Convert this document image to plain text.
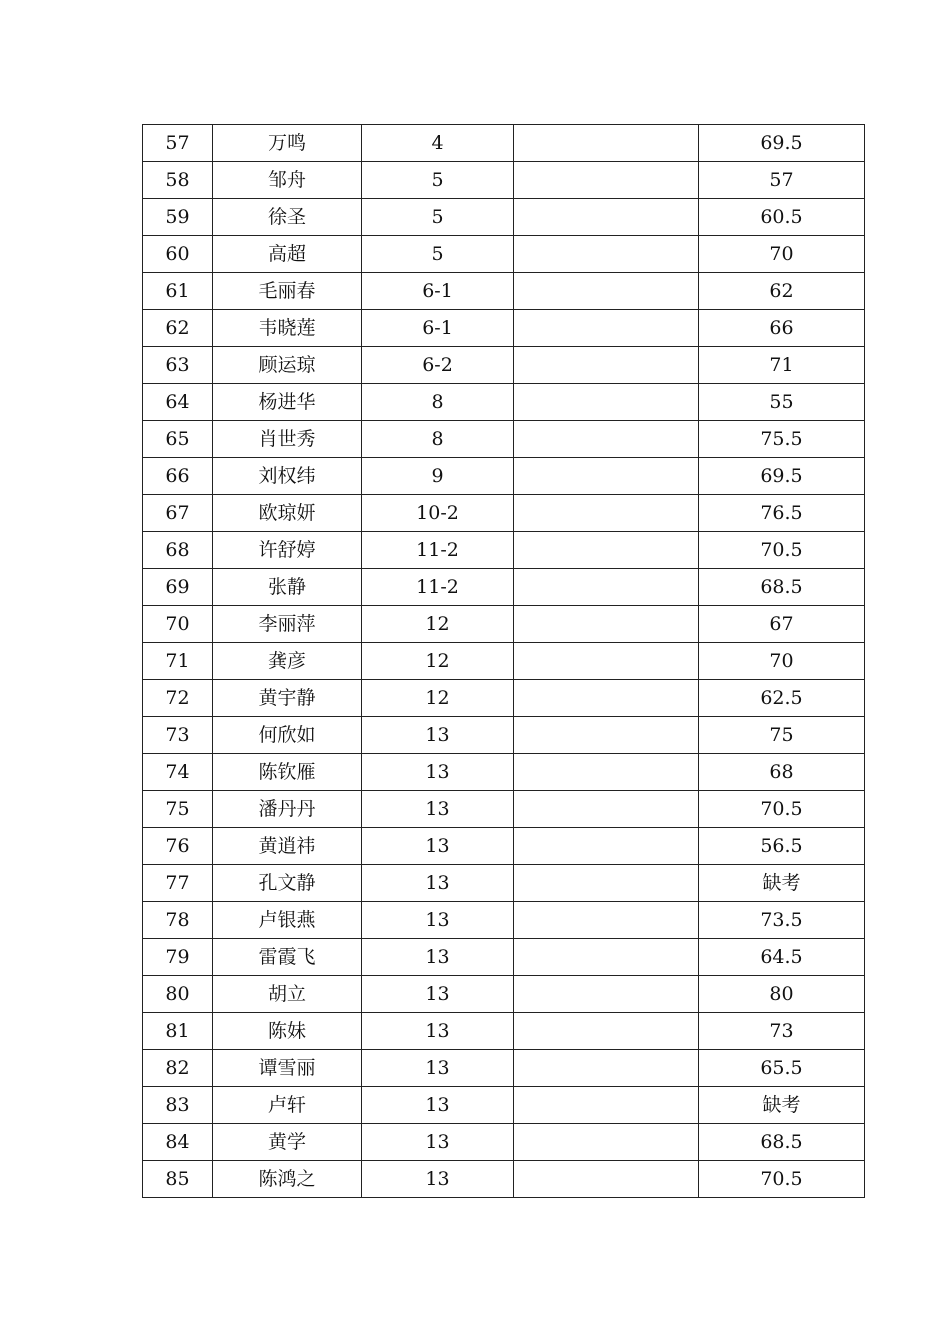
57	万鸣	4		69.5
58	邹舟	5		57
59	徐圣	5		60.5
60	高超	5		70
61	毛丽春	6-1		62
62	韦晓莲	6-1		66
63	顾运琼	6-2		71
64	杨进华	8		55
65	肖世秀	8		75.5
66	刘权纬	9		69.5
67	欧琼妍	10-2		76.5
68	许舒婷	11-2		70.5
69	张静	11-2		68.5
70	李丽萍	12		67
71	龚彦	12		70
72	黄宇静	12		62.5
73	何欣如	13		75
74	陈钦雁	13		68
75	潘丹丹	13		70.5
76	黄逍祎	13		56.5
77	孔文静	13		缺考
78	卢银燕	13		73.5
79	雷霞飞	13		64.5
80	胡立	13		80
81	陈妹	13		73
82	谭雪丽	13		65.5
83	卢轩	13		缺考
84	黄学	13		68.5
85	陈鸿之	13		70.5
